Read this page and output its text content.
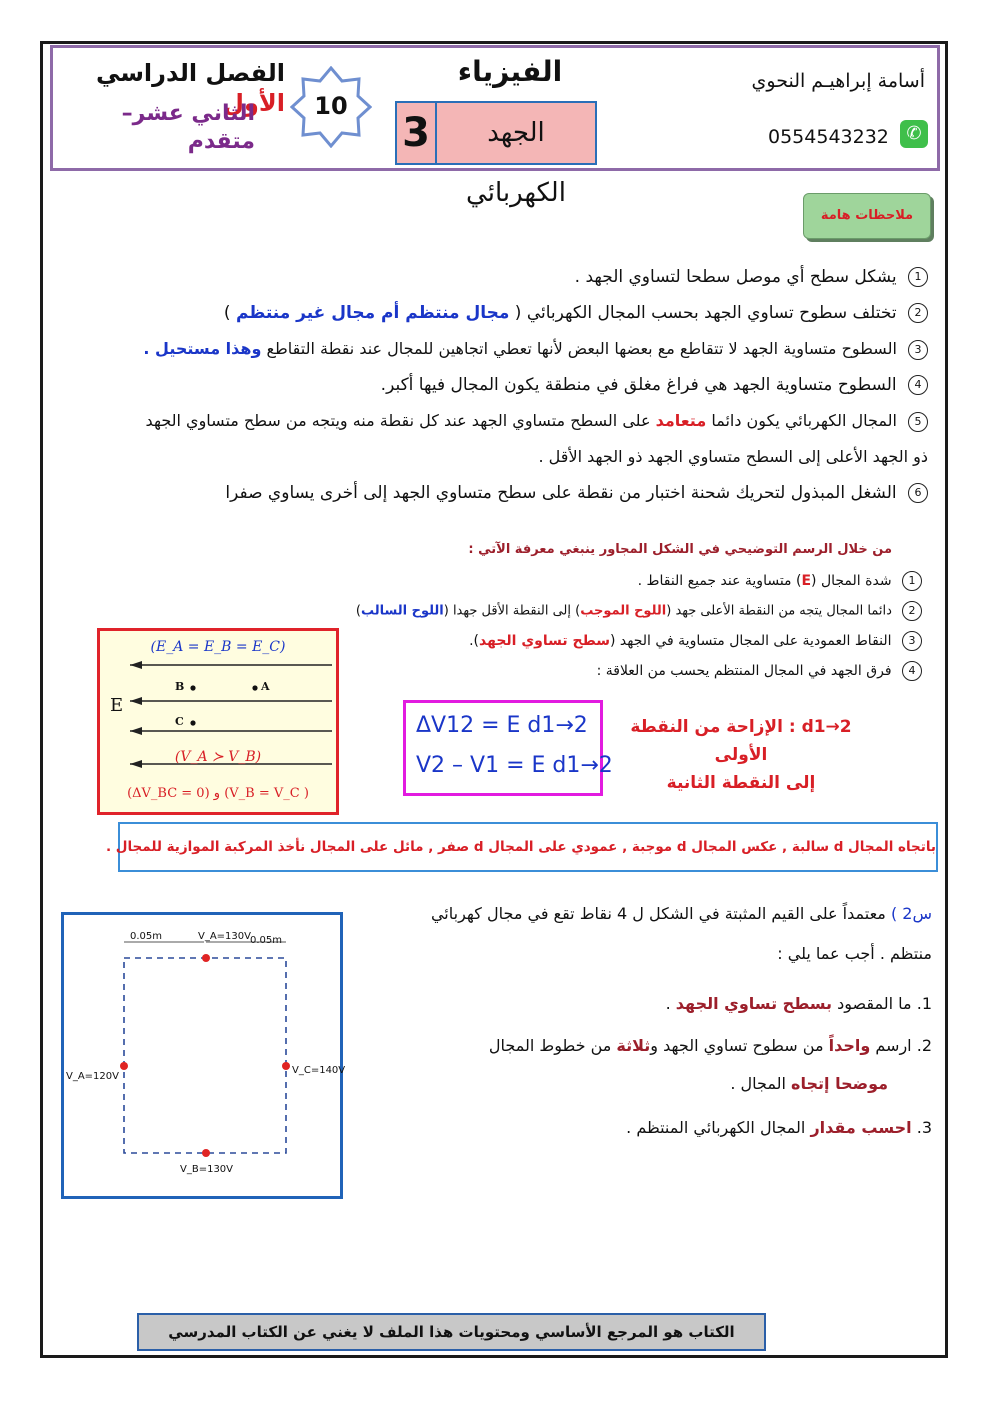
الفصل الدراسي الأول
الثاني عشر– متقدم
10
الفيزياء
3	الجهد الكهربائي
أسامة إبراهيـم النحوي
0554543232 ✆
ملاحظات هامة
1 يشكل سطح أي موصل سطحا لتساوي الجهد .
2 تختلف سطوح تساوي الجهد بحسب المجال الكهربائي ( مجال منتظم أم مجال غير منتظم )
3 السطوح متساوية الجهد لا تتقاطع مع بعضها البعض لأنها تعطي اتجاهين للمجال عند نقطة التقاطع وهذا مستحيل .
4 السطوح متساوية الجهد هي فراغ مغلق في منطقة يكون المجال فيها أكبر.
5 المجال الكهربائي يكون دائما متعامد على السطح متساوي الجهد عند كل نقطة منه ويتجه من سطح متساوي الجهد
ذو الجهد الأعلى إلى السطح متساوي الجهد ذو الجهد الأقل .
6 الشغل المبذول لتحريك شحنة اختبار من نقطة على سطح متساوي الجهد إلى أخرى يساوي صفرا
من خلال الرسم التوضيحي في الشكل المجاور ينبغي معرفة الآتي :
1 شدة المجال (E) متساوية عند جميع النقاط .
2 دائما المجال يتجه من النقطة الأعلى جهد (اللوح الموجب) إلى النقطة الأقل جهدا (اللوح السالب)
3 النقاط العمودية على المجال متساوية في الجهد (سطح تساوي الجهد).
4 فرق الجهد في المجال المنتظم يحسب من العلاقة :
(E_A = E_B = E_C)
B	A
C
E
(V_A ≻ V_B)
(ΔV_BC = 0) و (V_B = V_C )
ΔV12 = E d1→2
V2 – V1 = E d1→2
d1→2 : الإزاحة من النقطة الأولى
إلى النقطة الثانية
باتجاه المجال d سالبة , عكس المجال d موجبة , عمودي على المجال d صفر , مائل على المجال نأخذ المركبة الموازية للمجال .
0.05m	0.05m
V_A=130V
V_A=120V
V_C=140V
V_B=130V
س2 ) معتمداً على القيم المثبتة في الشكل ل 4 نقاط تقع في مجال كهربائي
منتظم . أجب عما يلي :
1. ما المقصود بسطح تساوي الجهد .
2. ارسم واحداً من سطوح تساوي الجهد وثلاثة من خطوط المجال
موضحا إتجاه المجال .
3. احسب مقدار المجال الكهربائي المنتظم .
الكتاب هو المرجع الأساسي ومحتويات هذا الملف لا يغني عن الكتاب المدرسي
